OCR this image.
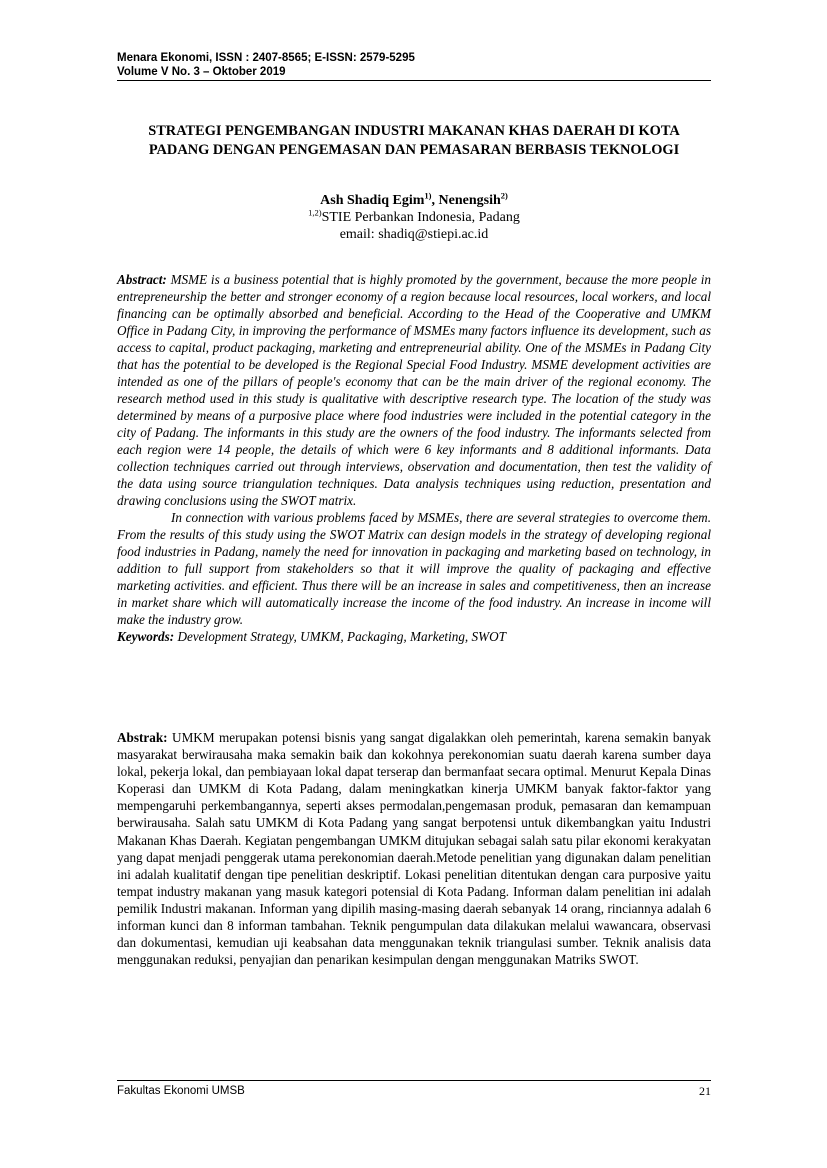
Menara Ekonomi, ISSN : 2407-8565; E-ISSN: 2579-5295
Volume V No. 3 – Oktober 2019
STRATEGI PENGEMBANGAN INDUSTRI MAKANAN KHAS DAERAH DI KOTA PADANG DENGAN PENGEMASAN DAN PEMASARAN BERBASIS TEKNOLOGI
Ash Shadiq Egim$^{1)}$, Nenengsih$^{2)}$
$^{1,2)}$STIE Perbankan Indonesia, Padang
email: shadiq@stiepi.ac.id

Abstract: MSME is a business potential that is highly promoted by the government, because the more people in entrepreneurship the better and stronger economy of a region because local resources, local workers, and local financing can be optimally absorbed and beneficial. According to the Head of the Cooperative and UMKM Office in Padang City, in improving the performance of MSMEs many factors influence its development, such as access to capital, product packaging, marketing and entrepreneurial ability. One of the MSMEs in Padang City that has the potential to be developed is the Regional Special Food Industry. MSME development activities are intended as one of the pillars of people's economy that can be the main driver of the regional economy. The research method used in this study is qualitative with descriptive research type. The location of the study was determined by means of a purposive place where food industries were included in the potential category in the city of Padang. The informants in this study are the owners of the food industry. The informants selected from each region were 14 people, the details of which were 6 key informants and 8 additional informants. Data collection techniques carried out through interviews, observation and documentation, then test the validity of the data using source triangulation techniques. Data analysis techniques using reduction, presentation and drawing conclusions using the SWOT matrix.

In connection with various problems faced by MSMEs, there are several strategies to overcome them. From the results of this study using the SWOT Matrix can design models in the strategy of developing regional food industries in Padang, namely the need for innovation in packaging and marketing based on technology, in addition to full support from stakeholders so that it will improve the quality of packaging and effective marketing activities. and efficient. Thus there will be an increase in sales and competitiveness, then an increase in market share which will automatically increase the income of the food industry. An increase in income will make the industry grow.

Keywords: Development Strategy, UMKM, Packaging, Marketing, SWOT

Abstrak: UMKM merupakan potensi bisnis yang sangat digalakkan oleh pemerintah, karena semakin banyak masyarakat berwirausaha maka semakin baik dan kokohnya perekonomian suatu daerah karena sumber daya lokal, pekerja lokal, dan pembiayaan lokal dapat terserap dan bermanfaat secara optimal. Menurut Kepala Dinas Koperasi dan UMKM di Kota Padang, dalam meningkatkan kinerja UMKM banyak faktor-faktor yang mempengaruhi perkembangannya, seperti akses permodalan,pengemasan produk, pemasaran dan kemampuan berwirausaha. Salah satu UMKM di Kota Padang yang sangat berpotensi untuk dikembangkan yaitu Industri Makanan Khas Daerah. Kegiatan pengembangan UMKM ditujukan sebagai salah satu pilar ekonomi kerakyatan yang dapat menjadi penggerak utama perekonomian daerah.Metode penelitian yang digunakan dalam penelitian ini adalah kualitatif dengan tipe penelitian deskriptif. Lokasi penelitian ditentukan dengan cara purposive yaitu tempat industry makanan yang masuk kategori potensial di Kota Padang. Informan dalam penelitian ini adalah pemilik Industri makanan. Informan yang dipilih masing-masing daerah sebanyak 14 orang, rinciannya adalah 6 informan kunci dan 8 informan tambahan. Teknik pengumpulan data dilakukan melalui wawancara, observasi dan dokumentasi, kemudian uji keabsahan data menggunakan teknik triangulasi sumber. Teknik analisis data menggunakan reduksi, penyajian dan penarikan kesimpulan dengan menggunakan Matriks SWOT.

Fakultas Ekonomi UMSB	21
